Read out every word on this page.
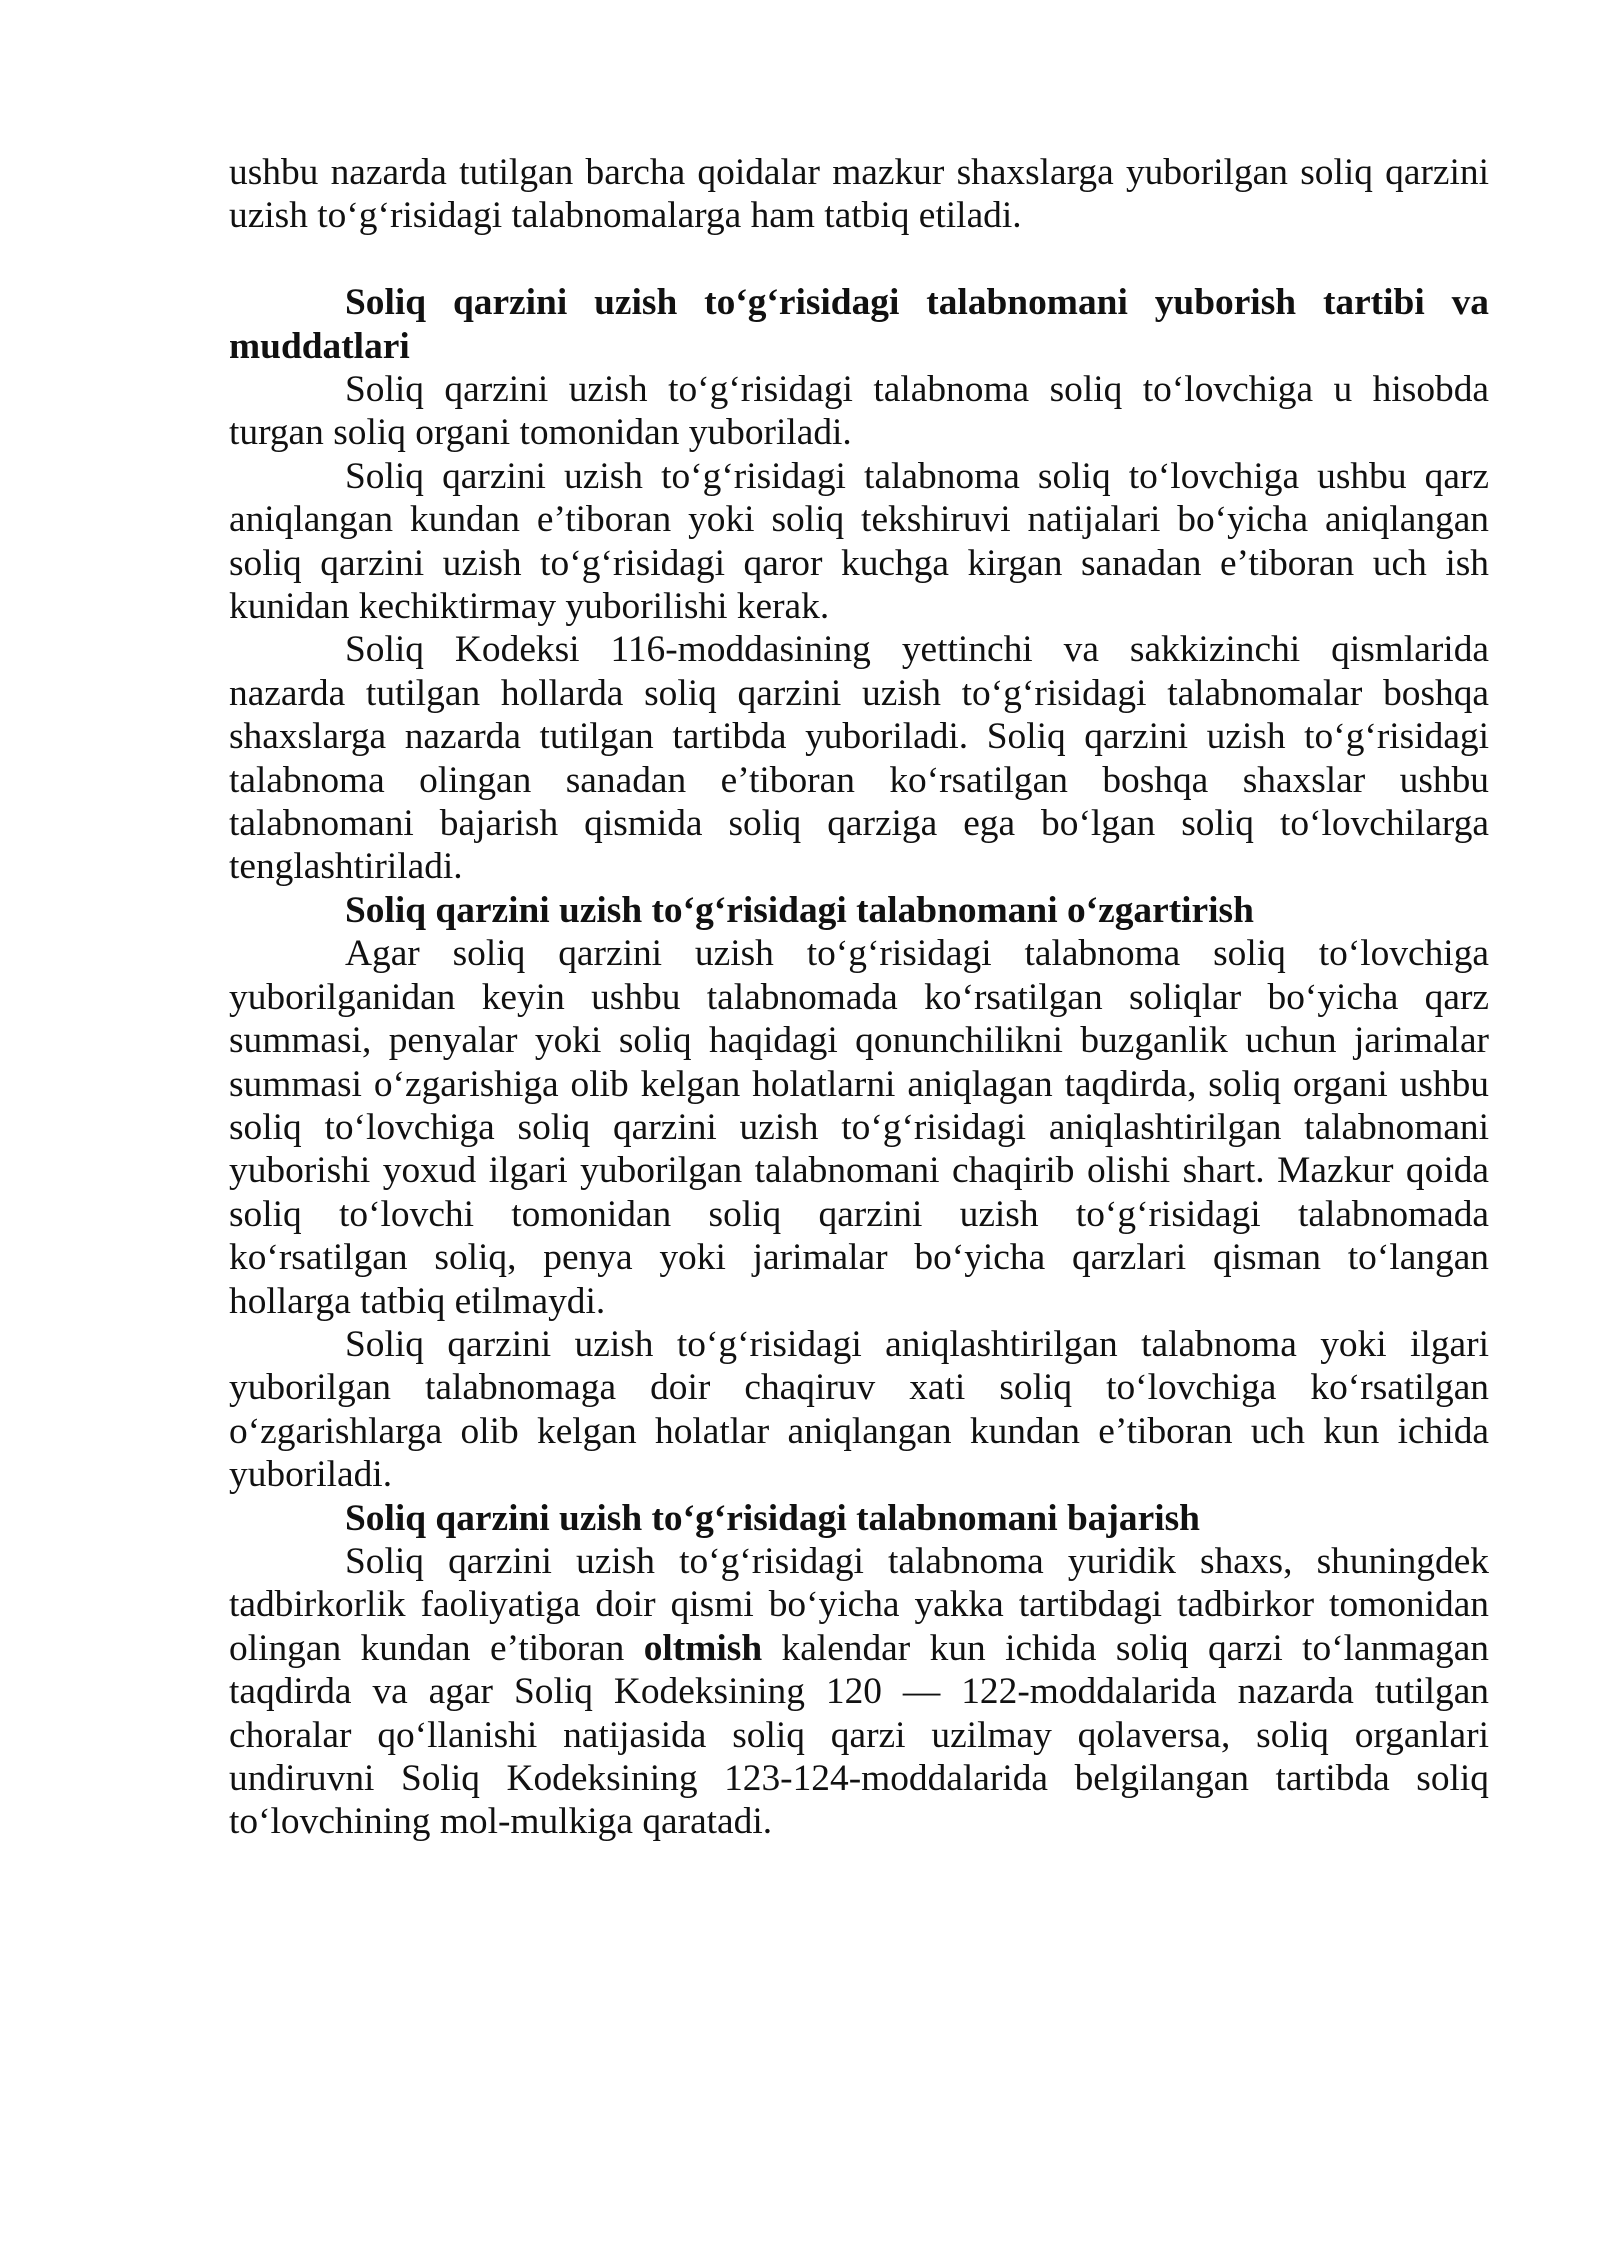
ushbu nazarda tutilgan barcha qoidalar mazkur shaxslarga yuborilgan soliq qarzini
uzish to‘g‘risidagi talabnomalarga ham tatbiq etiladi.
Soliq qarzini uzish to‘g‘risidagi talabnomani yuborish tartibi va
muddatlari
Soliq qarzini uzish to‘g‘risidagi talabnoma soliq to‘lovchiga u hisobda
turgan soliq organi tomonidan yuboriladi.
Soliq qarzini uzish to‘g‘risidagi talabnoma soliq to‘lovchiga ushbu qarz
aniqlangan kundan e’tiboran yoki soliq tekshiruvi natijalari bo‘yicha aniqlangan
soliq qarzini uzish to‘g‘risidagi qaror kuchga kirgan sanadan e’tiboran uch ish
kunidan kechiktirmay yuborilishi kerak.
Soliq Kodeksi 116-moddasining yettinchi va sakkizinchi qismlarida
nazarda tutilgan hollarda soliq qarzini uzish to‘g‘risidagi talabnomalar boshqa
shaxslarga nazarda tutilgan tartibda yuboriladi. Soliq qarzini uzish to‘g‘risidagi
talabnoma olingan sanadan e’tiboran ko‘rsatilgan boshqa shaxslar ushbu
talabnomani bajarish qismida soliq qarziga ega bo‘lgan soliq to‘lovchilarga
tenglashtiriladi.
Soliq qarzini uzish to‘g‘risidagi talabnomani o‘zgartirish
Agar soliq qarzini uzish to‘g‘risidagi talabnoma soliq to‘lovchiga
yuborilganidan keyin ushbu talabnomada ko‘rsatilgan soliqlar bo‘yicha qarz
summasi, penyalar yoki soliq haqidagi qonunchilikni buzganlik uchun jarimalar
summasi o‘zgarishiga olib kelgan holatlarni aniqlagan taqdirda, soliq organi ushbu
soliq to‘lovchiga soliq qarzini uzish to‘g‘risidagi aniqlashtirilgan talabnomani
yuborishi yoxud ilgari yuborilgan talabnomani chaqirib olishi shart. Mazkur qoida
soliq to‘lovchi tomonidan soliq qarzini uzish to‘g‘risidagi talabnomada
ko‘rsatilgan soliq, penya yoki jarimalar bo‘yicha qarzlari qisman to‘langan
hollarga tatbiq etilmaydi.
Soliq qarzini uzish to‘g‘risidagi aniqlashtirilgan talabnoma yoki ilgari
yuborilgan talabnomaga doir chaqiruv xati soliq to‘lovchiga ko‘rsatilgan
o‘zgarishlarga olib kelgan holatlar aniqlangan kundan e’tiboran uch kun ichida
yuboriladi.
Soliq qarzini uzish to‘g‘risidagi talabnomani bajarish
Soliq qarzini uzish to‘g‘risidagi talabnoma yuridik shaxs, shuningdek
tadbirkorlik faoliyatiga doir qismi bo‘yicha yakka tartibdagi tadbirkor tomonidan
olingan kundan e’tiboran oltmish kalendar kun ichida soliq qarzi to‘lanmagan
taqdirda va agar Soliq Kodeksining 120 — 122-moddalarida nazarda tutilgan
choralar qo‘llanishi natijasida soliq qarzi uzilmay qolaversa, soliq organlari
undiruvni Soliq Kodeksining 123-124-moddalarida belgilangan tartibda soliq
to‘lovchining mol-mulkiga qaratadi.
